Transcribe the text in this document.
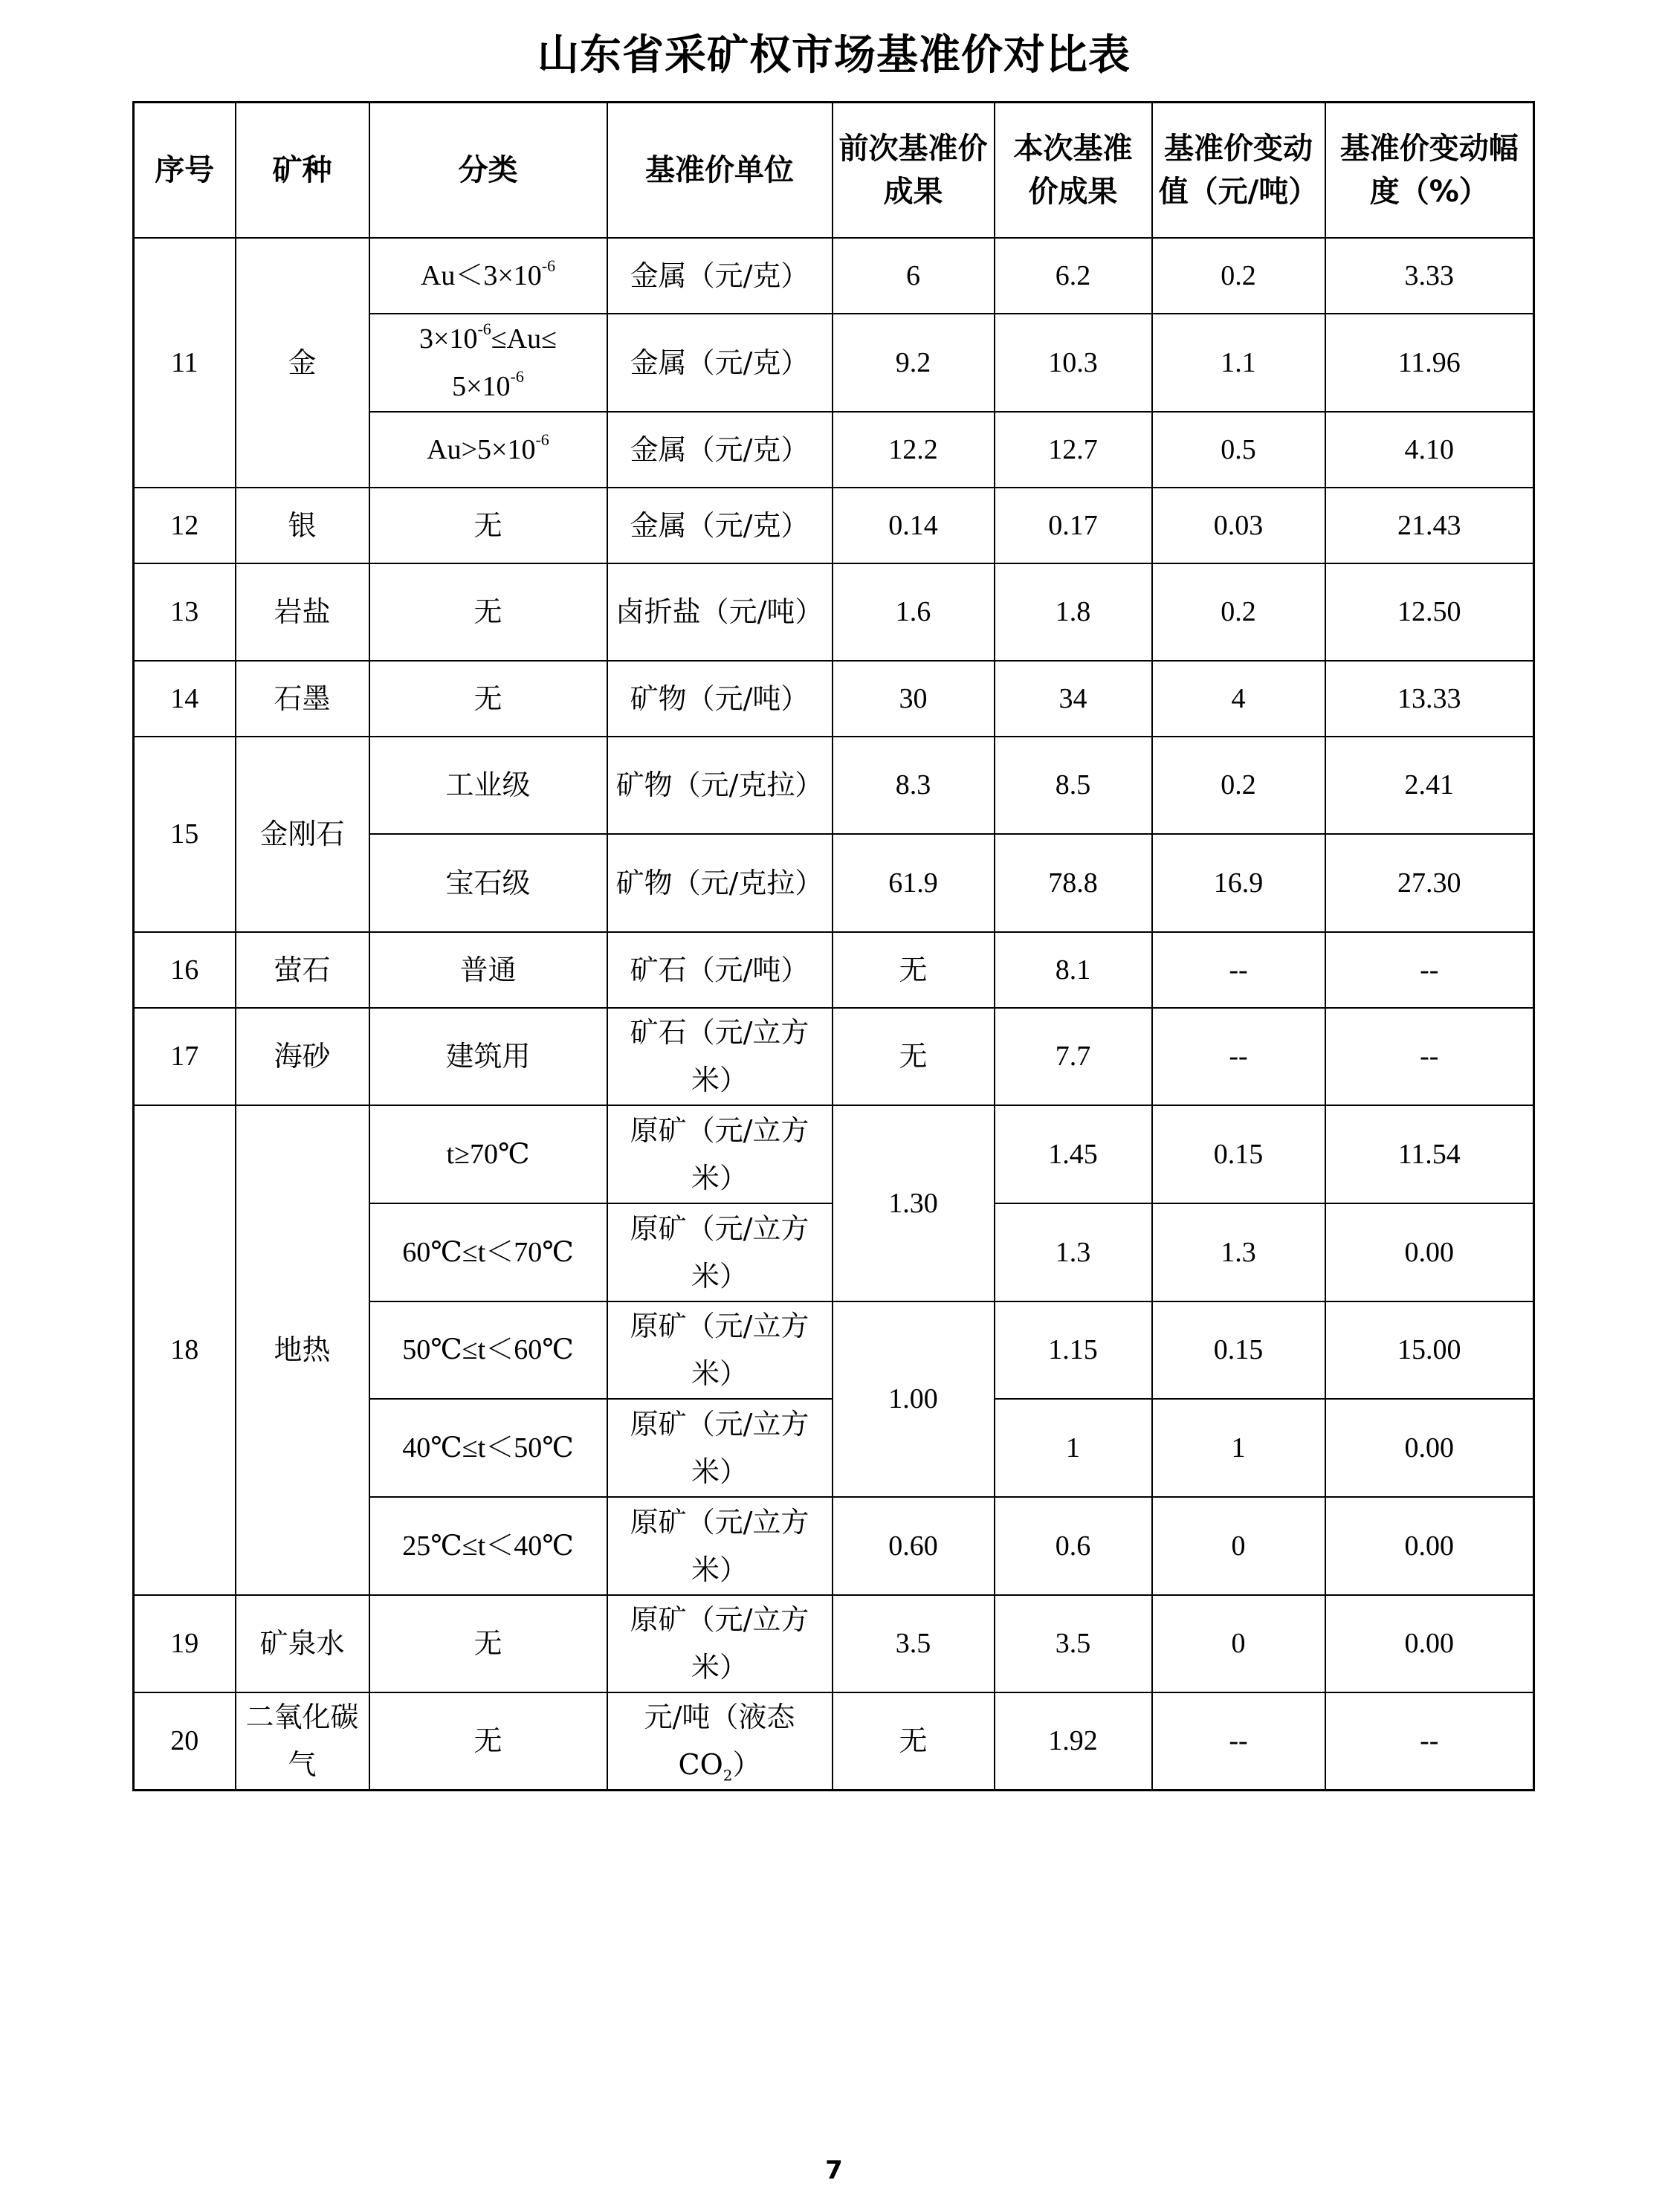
山东省采矿权市场基准价对比表
序号	矿种	分类	基准价单位	前次基准价成果	本次基准价成果	基准价变动值（元/吨）	基准价变动幅度（%）
11	金	$Au<3\times 10^{-6}$	金属（元/克）	6	6.2	0.2	3.33
		$3\times 10^{-6}\le Au\le$
$5\times 10^{-6}$	金属（元/克）	9.2	10.3	1.1	11.96
		$Au>5\times 10^{-6}$	金属（元/克）	12.2	12.7	0.5	4.10
12	银	无	金属（元/克）	0.14	0.17	0.03	21.43
13	岩盐	无	卤折盐（元/吨）	1.6	1.8	0.2	12.50
14	石墨	无	矿物（元/吨）	30	34	4	13.33
15	金刚石	工业级	矿物（元/克拉）	8.3	8.5	0.2	2.41
		宝石级	矿物（元/克拉）	61.9	78.8	16.9	27.30
16	萤石	普通	矿石（元/吨）	无	8.1	--	--
17	海砂	建筑用	矿石（元/立方米）	无	7.7	--	--
18	地热	t≥70℃	原矿（元/立方米）	1.30	1.45	0.15	11.54
		60℃≤t＜70℃	原矿（元/立方米）		1.3	1.3	0.00
		50℃≤t＜60℃	原矿（元/立方米）	1.00	1.15	0.15	15.00
		40℃≤t＜50℃	原矿（元/立方米）		1	1	0.00
		25℃≤t＜40℃	原矿（元/立方米）	0.60	0.6	0	0.00
19	矿泉水	无	原矿（元/立方米）	3.5	3.5	0	0.00
20	二氧化碳气	无	元/吨（液态$CO_2$）	无	1.92	--	--
7
